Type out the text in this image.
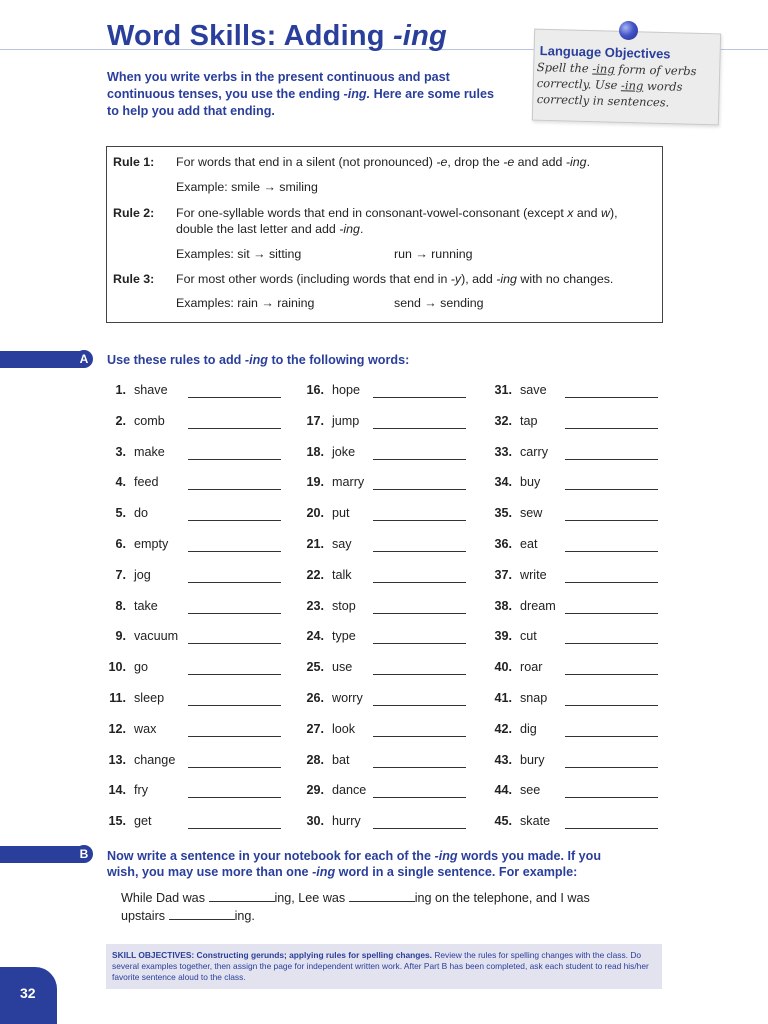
Word Skills: Adding -ing
When you write verbs in the present continuous and past continuous tenses, you use the ending -ing. Here are some rules to help you add that ending.
Language Objectives
Spell the -ing form of verbs
correctly. Use -ing words
correctly in sentences.
Rule 1: For words that end in a silent (not pronounced) -e, drop the -e and add -ing.
Example: smile → smiling
Rule 2: For one-syllable words that end in consonant-vowel-consonant (except x and w),
double the last letter and add -ing.
Examples: sit → sitting	run → running
Rule 3: For most other words (including words that end in -y), add -ing with no changes.
Examples: rain → raining	send → sending
A	Use these rules to add -ing to the following words:
1. shave
2. comb
3. make
4. feed
5. do
6. empty
7. jog
8. take
9. vacuum
10. go
11. sleep
12. wax
13. change
14. fry
15. get
16. hope
17. jump
18. joke
19. marry
20. put
21. say
22. talk
23. stop
24. type
25. use
26. worry
27. look
28. bat
29. dance
30. hurry
31. save
32. tap
33. carry
34. buy
35. sew
36. eat
37. write
38. dream
39. cut
40. roar
41. snap
42. dig
43. bury
44. see
45. skate
B	Now write a sentence in your notebook for each of the -ing words you made. If you
wish, you may use more than one -ing word in a single sentence. For example:
While Dad was	ing, Lee was	ing on the telephone, and I was
upstairs	ing.
SKILL OBJECTIVES: Constructing gerunds; applying rules for spelling changes. Review the rules for spelling changes with the class. Do several examples together, then assign the page for independent written work. After Part B has been completed, ask each student to read his/her favorite sentence aloud to the class.
32
